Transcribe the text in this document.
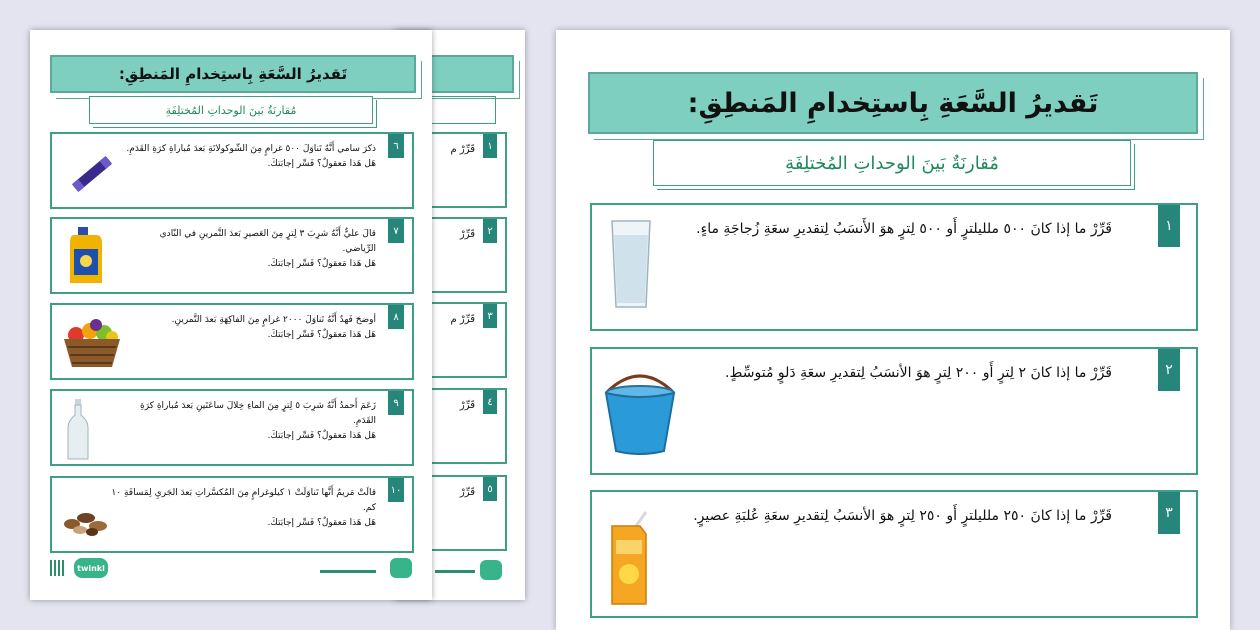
قَرِّرْ م	١
قَرِّرْ	٢
قَرِّرْ م	٣
قَرِّرْ	٤
قَرِّرْ	٥
تَقديرُ السَّعَةِ بِاستِخدامِ المَنطِقِ:
مُقارنَةٌ بَينَ الوحداتِ المُختلِفَةِ
٦
ذكرَ سامي أَنَّهُ تَناوَلَ ٥٠٠ غرامٍ مِنَ الشّوكولاتَةِ بَعدَ مُباراةِ كرَةِ القَدَمِ.
هَل هَذا مَعقولٌ؟ فَسِّر إجابَتكَ.
٧
قالَ عليٌّ أَنَّهُ شرِبَ ٣ لِترٍ مِنَ العَصيرِ بَعدَ التَّمرينِ في النّادي الرِّياضي.
هَل هَذا مَعقولٌ؟ فَسِّر إجابَتكَ.
٨
أوضحَ فَهدٌ أَنَّهُ تَناوَلَ ٢٠٠٠ غرامٍ مِنَ الفاكِهَةِ بَعدَ التَّمرينِ.
هَل هَذا مَعقولٌ؟ فَسِّر إجابَتكَ.
٩
زَعَمَ أَحمدُ أَنَّهُ شرِبَ ٥ لِترٍ مِنَ الماءِ خِلالَ ساعَتَينِ بَعدَ مُباراةِ كرَةِ القَدَمِ.
هَل هَذا مَعقولٌ؟ فَسِّر إجابَتكَ.
١٠
قالَتْ مَريمُ أَنَّها تَناوَلَتْ ١ كيلوغرامٍ مِنَ المُكسَّراتِ بَعدَ الجَريِ لِمَسافَةِ ١٠ كم.
هَل هَذا مَعقولٌ؟ فَسِّر إجابَتكَ.
twinkl
تَقديرُ السَّعَةِ بِاستِخدامِ المَنطِقِ:
مُقارنَةٌ بَينَ الوحداتِ المُختلِفَةِ
١
قَرِّرْ ما إذا كانَ ٥٠٠ ملليلترٍ أَو ٥٠٠ لِترٍ هوَ الأَنسَبُ لِتقديرِ سعَةِ زُجاجَةِ ماءٍ.
٢
قَرِّرْ ما إذا كانَ ٢ لِترٍ أَو ٢٠٠ لِترٍ هوَ الأنسَبُ لِتقديرِ سعَةِ دَلوٍ مُتوسِّطٍ.
٣
قَرِّرْ ما إذا كانَ ٢٥٠ ملليلترٍ أَو ٢٥٠ لِترٍ هوَ الأنسَبُ لِتقديرِ سعَةِ عُلبَةِ عصيرٍ.
